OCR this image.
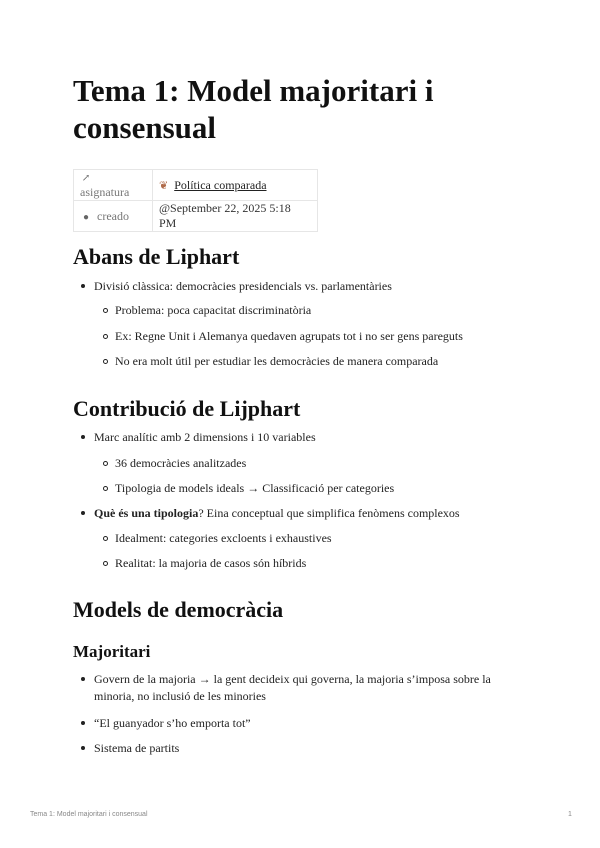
Tema 1: Model majoritari i consensual
↗asignatura	❦ Política comparada
● creado	@September 22, 2025 5:18 PM
Abans de Liphart
Divisió clàssica: democràcies presidencials vs. parlamentàries
Problema: poca capacitat discriminatòria
Ex: Regne Unit i Alemanya quedaven agrupats tot i no ser gens pareguts
No era molt útil per estudiar les democràcies de manera comparada
Contribució de Lijphart
Marc analític amb 2 dimensions i 10 variables
36 democràcies analitzades
Tipologia de models ideals → Classificació per categories
Què és una tipologia? Eina conceptual que simplifica fenòmens complexos
Idealment: categories excloents i exhaustives
Realitat: la majoria de casos són híbrids
Models de democràcia
Majoritari
Govern de la majoria → la gent decideix qui governa, la majoria s’imposa sobre la minoria, no inclusió de les minories
“El guanyador s’ho emporta tot”
Sistema de partits
Tema 1: Model majoritari i consensual	1
